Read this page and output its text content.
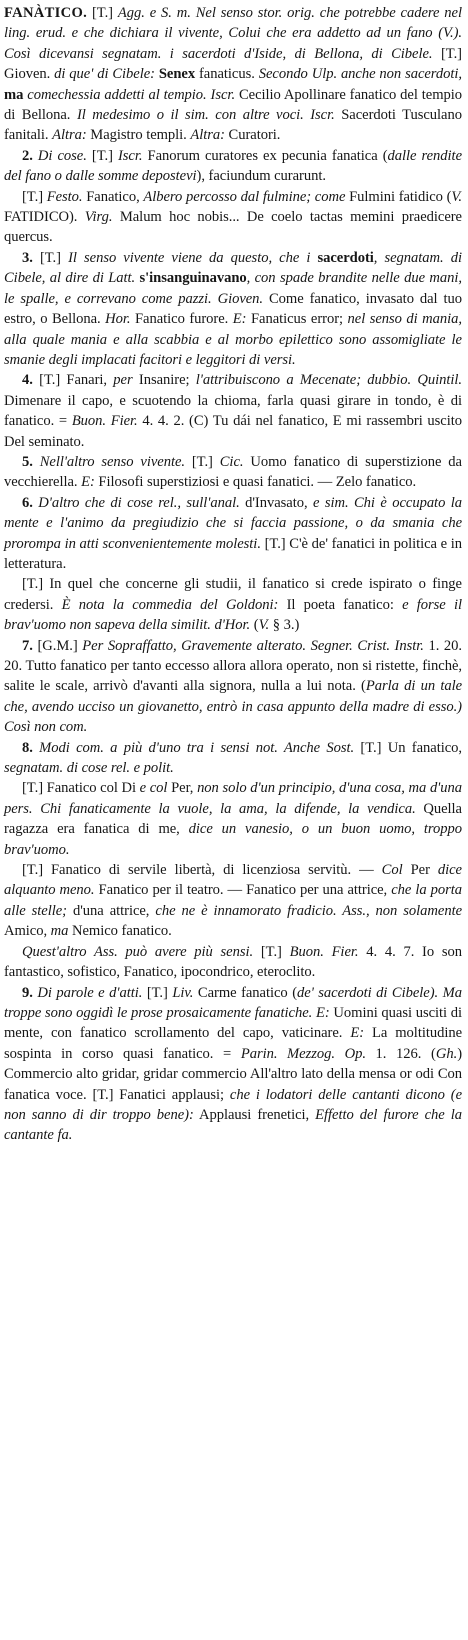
FANÀTICO. [T.] Agg. e S. m. Nel senso stor. orig. che potrebbe cadere nel ling. erud. e che dichiara il vivente, Colui che era addetto ad un fano (V.). Così dicevansi segnatam. i sacerdoti d'Iside, di Bellona, di Cibele. [T.] Gioven. di que' di Cibele: Senex fanaticus. Secondo Ulp. anche non sacerdoti, ma comechessia addetti al tempio. Iscr. Cecilio Apollinare fanatico del tempio di Bellona. Il medesimo o il sim. con altre voci. Iscr. Sacerdoti Tusculano fanitali. Altra: Magistro templi. Altra: Curatori.

2. Di cose. [T.] Iscr. Fanorum curatores ex pecunia fanatica (dalle rendite del fano o dalle somme depostevi), faciundum curarunt.

[T.] Festo. Fanatico, Albero percosso dal fulmine; come Fulmini fatidico (V. FATIDICO). Virg. Malum hoc nobis... De coelo tactas memini praedicere quercus.

3. [T.] Il senso vivente viene da questo, che i sacerdoti, segnatam. di Cibele, al dire di Latt. s'insanguinavano, con spade brandite nelle due mani, le spalle, e correvano come pazzi. Gioven. Come fanatico, invasato dal tuo estro, o Bellona. Hor. Fanatico furore. E: Fanaticus error; nel senso di mania, alla quale mania e alla scabbia e al morbo epilettico sono assomigliate le smanie degli implacati facitori e leggitori di versi.

4. [T.] Fanari, per Insanire; l'attribuiscono a Mecenate; dubbio. Quintil. Dimenare il capo, e scuotendo la chioma, farla quasi girare in tondo, è di fanatico. = Buon. Fier. 4. 4. 2. (C) Tu dái nel fanatico, E mi rassembri uscito Del seminato.

5. Nell'altro senso vivente. [T.] Cic. Uomo fanatico di superstizione da vecchierella. E: Filosofi superstiziosi e quasi fanatici. — Zelo fanatico.

6. D'altro che di cose rel., sull'anal. d'Invasato, e sim. Chi è occupato la mente e l'animo da pregiudizio che si faccia passione, o da smania che prorompa in atti sconvenientemente molesti. [T.] C'è de' fanatici in politica e in letteratura.

[T.] In quel che concerne gli studii, il fanatico si crede ispirato o finge credersi. È nota la commedia del Goldoni: Il poeta fanatico: e forse il brav'uomo non sapeva della similit. d'Hor. (V. § 3.)

7. [G.M.] Per Sopraffatto, Gravemente alterato. Segner. Crist. Instr. 1. 20. 20. Tutto fanatico per tanto eccesso allora allora operato, non si ristette, finchè, salite le scale, arrivò d'avanti alla signora, nulla a lui nota. (Parla di un tale che, avendo ucciso un giovanetto, entrò in casa appunto della madre di esso.) Così non com.

8. Modi com. a più d'uno tra i sensi not. Anche Sost. [T.] Un fanatico, segnatam. di cose rel. e polit.

[T.] Fanatico col Di e col Per, non solo d'un principio, d'una cosa, ma d'una pers. Chi fanaticamente la vuole, la ama, la difende, la vendica. Quella ragazza era fanatica di me, dice un vanesio, o un buon uomo, troppo brav'uomo.

[T.] Fanatico di servile libertà, di licenziosa servitù. — Col Per dice alquanto meno. Fanatico per il teatro. — Fanatico per una attrice, che la porta alle stelle; d'una attrice, che ne è innamorato fradicio. Ass., non solamente Amico, ma Nemico fanatico.

Quest'altro Ass. può avere più sensi. [T.] Buon. Fier. 4. 4. 7. Io son fantastico, sofistico, Fanatico, ipocondrico, eteroclito.

9. Di parole e d'atti. [T.] Liv. Carme fanatico (de' sacerdoti di Cibele). Ma troppe sono oggidì le prose prosaicamente fanatiche. E: Uomini quasi usciti di mente, con fanatico scrollamento del capo, vaticinare. E: La moltitudine sospinta in corso quasi fanatico. = Parin. Mezzog. Op. 1. 126. (Gh.) Commercio alto gridar, gridar commercio All'altro lato della mensa or odi Con fanatica voce. [T.] Fanatici applausi; che i lodatori delle cantanti dicono (e non sanno di dir troppo bene): Applausi frenetici, Effetto del furore che la cantante fa.
